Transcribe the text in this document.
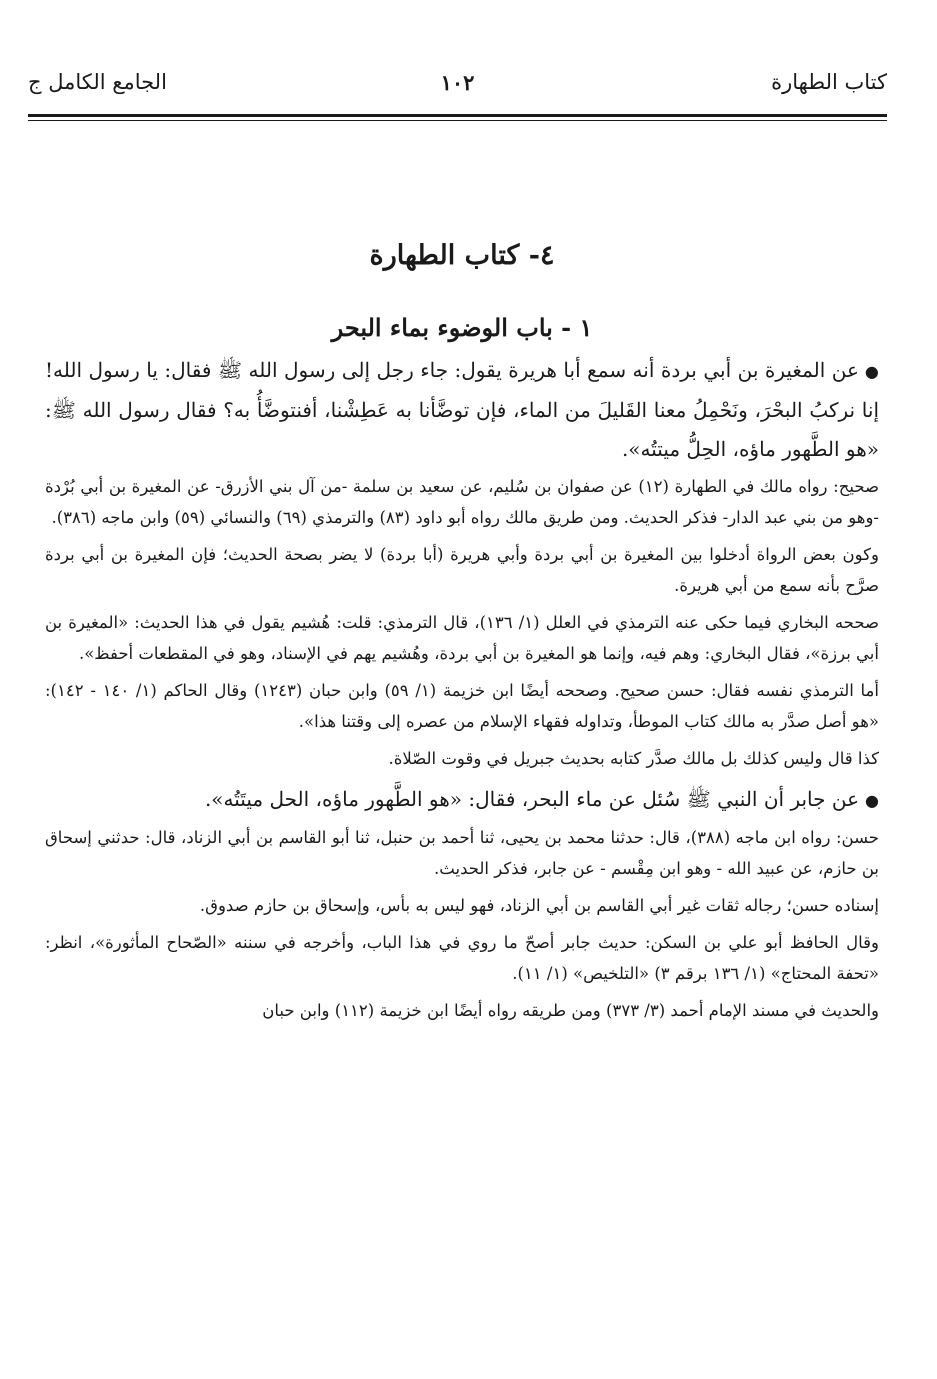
كتاب الطهارة
١٠٢
الجامع الكامل ج
٤- كتاب الطهارة
١ - باب الوضوء بماء البحر

●عن المغيرة بن أبي بردة أنه سمع أبا هريرة يقول: جاء رجل إلى رسول الله ﷺ فقال: يا رسول الله! إنا نركبُ البحْرَ، ونَحْمِلُ معنا القَليلَ من الماء، فإن توضَّأنا به عَطِشْنا، أفنتوضَّأُ به؟ فقال رسول الله ﷺ: «هو الطَّهور ماؤه، الحِلُّ ميتتُه».

صحيح: رواه مالك في الطهارة (١٢) عن صفوان بن سُليم، عن سعيد بن سلمة -من آل بني الأزرق- عن المغيرة بن أبي بُرْدة -وهو من بني عبد الدار- فذكر الحديث. ومن طريق مالك رواه أبو داود (٨٣) والترمذي (٦٩) والنسائي (٥٩) وابن ماجه (٣٨٦).

وكون بعض الرواة أدخلوا بين المغيرة بن أبي بردة وأبي هريرة (أبا بردة) لا يضر بصحة الحديث؛ فإن المغيرة بن أبي بردة صرَّح بأنه سمع من أبي هريرة.

صححه البخاري فيما حكى عنه الترمذي في العلل (١/ ١٣٦)، قال الترمذي: قلت: هُشيم يقول في هذا الحديث: «المغيرة بن أبي برزة»، فقال البخاري: وهم فيه، وإنما هو المغيرة بن أبي بردة، وهُشيم يهم في الإسناد، وهو في المقطعات أحفظ».

أما الترمذي نفسه فقال: حسن صحيح. وصححه أيضًا ابن خزيمة (١/ ٥٩) وابن حبان (١٢٤٣) وقال الحاكم (١/ ١٤٠ - ١٤٢): «هو أصل صدَّر به مالك كتاب الموطأ، وتداوله فقهاء الإسلام من عصره إلى وقتنا هذا».

كذا قال وليس كذلك بل مالك صدَّر كتابه بحديث جبريل في وقوت الصّلاة.

●عن جابر أن النبي ﷺ سُئل عن ماء البحر، فقال: «هو الطَّهور ماؤه، الحل ميتَتُه».

حسن: رواه ابن ماجه (٣٨٨)، قال: حدثنا محمد بن يحيى، ثنا أحمد بن حنبل، ثنا أبو القاسم بن أبي الزناد، قال: حدثني إسحاق بن حازم، عن عبيد الله - وهو ابن مِقْسم - عن جابر، فذكر الحديث.

إسناده حسن؛ رجاله ثقات غير أبي القاسم بن أبي الزناد، فهو ليس به بأس، وإسحاق بن حازم صدوق.

وقال الحافظ أبو علي بن السكن: حديث جابر أصحّ ما روي في هذا الباب، وأخرجه في سننه «الصّحاح المأثورة»، انظر: «تحفة المحتاج» (١/ ١٣٦ برقم ٣) «التلخيص» (١/ ١١).

والحديث في مسند الإمام أحمد (٣/ ٣٧٣) ومن طريقه رواه أيضًا ابن خزيمة (١١٢) وابن حبان
